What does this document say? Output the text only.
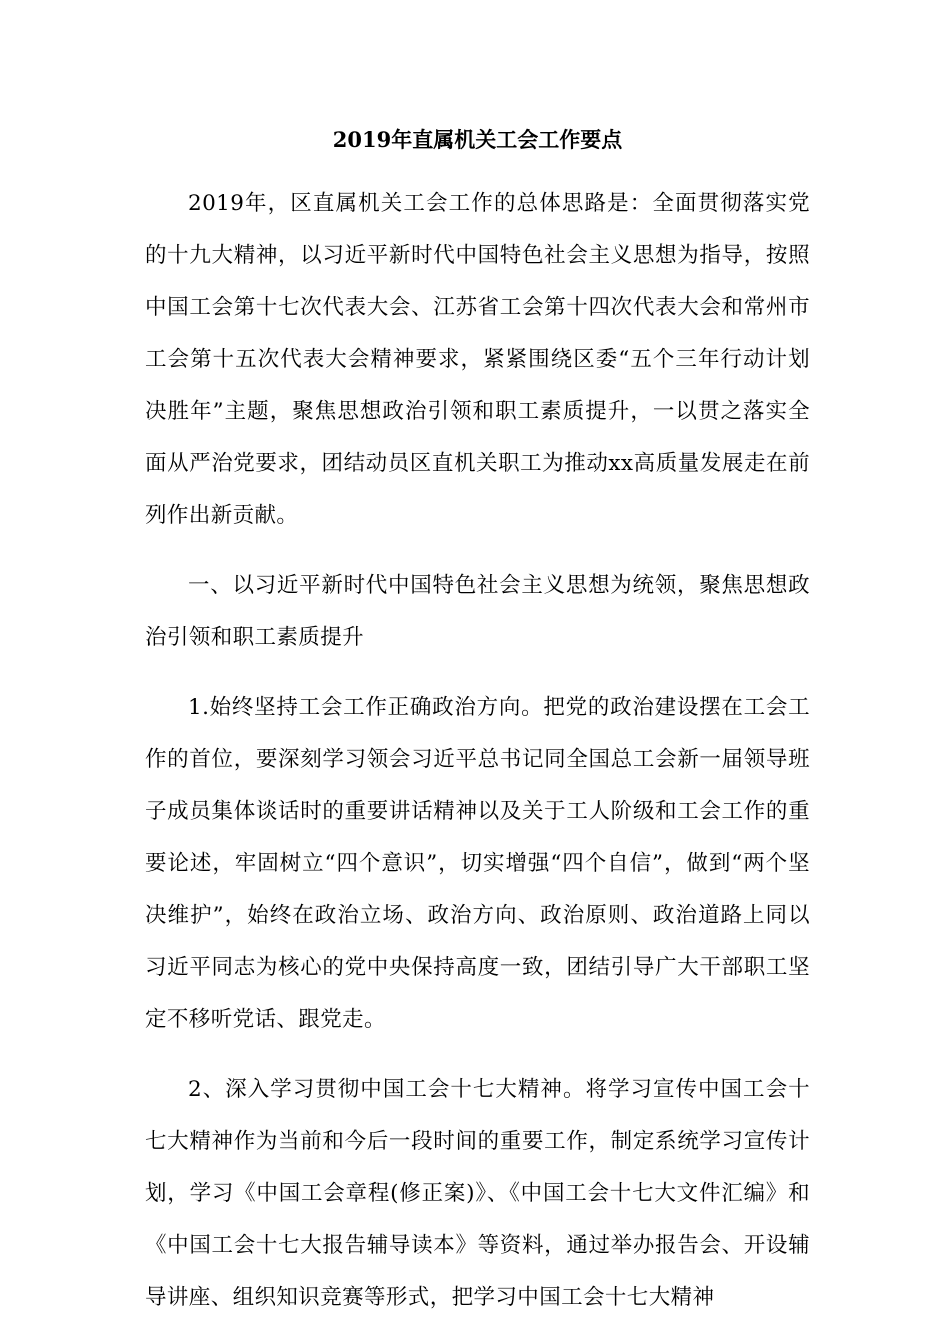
2019年直属机关工会工作要点

2019年，区直属机关工会工作的总体思路是：全面贯彻落实党的十九大精神，以习近平新时代中国特色社会主义思想为指导，按照中国工会第十七次代表大会、江苏省工会第十四次代表大会和常州市工会第十五次代表大会精神要求，紧紧围绕区委“五个三年行动计划决胜年”主题，聚焦思想政治引领和职工素质提升，一以贯之落实全面从严治党要求，团结动员区直机关职工为推动xx高质量发展走在前列作出新贡献。

一、以习近平新时代中国特色社会主义思想为统领，聚焦思想政治引领和职工素质提升

1.始终坚持工会工作正确政治方向。把党的政治建设摆在工会工作的首位，要深刻学习领会习近平总书记同全国总工会新一届领导班子成员集体谈话时的重要讲话精神以及关于工人阶级和工会工作的重要论述，牢固树立“四个意识”，切实增强“四个自信”，做到“两个坚决维护”，始终在政治立场、政治方向、政治原则、政治道路上同以习近平同志为核心的党中央保持高度一致，团结引导广大干部职工坚定不移听党话、跟党走。

2、深入学习贯彻中国工会十七大精神。将学习宣传中国工会十七大精神作为当前和今后一段时间的重要工作，制定系统学习宣传计划，学习《中国工会章程(修正案)》、《中国工会十七大文件汇编》和《中国工会十七大报告辅导读本》等资料，通过举办报告会、开设辅导讲座、组织知识竞赛等形式，把学习中国工会十七大精神
